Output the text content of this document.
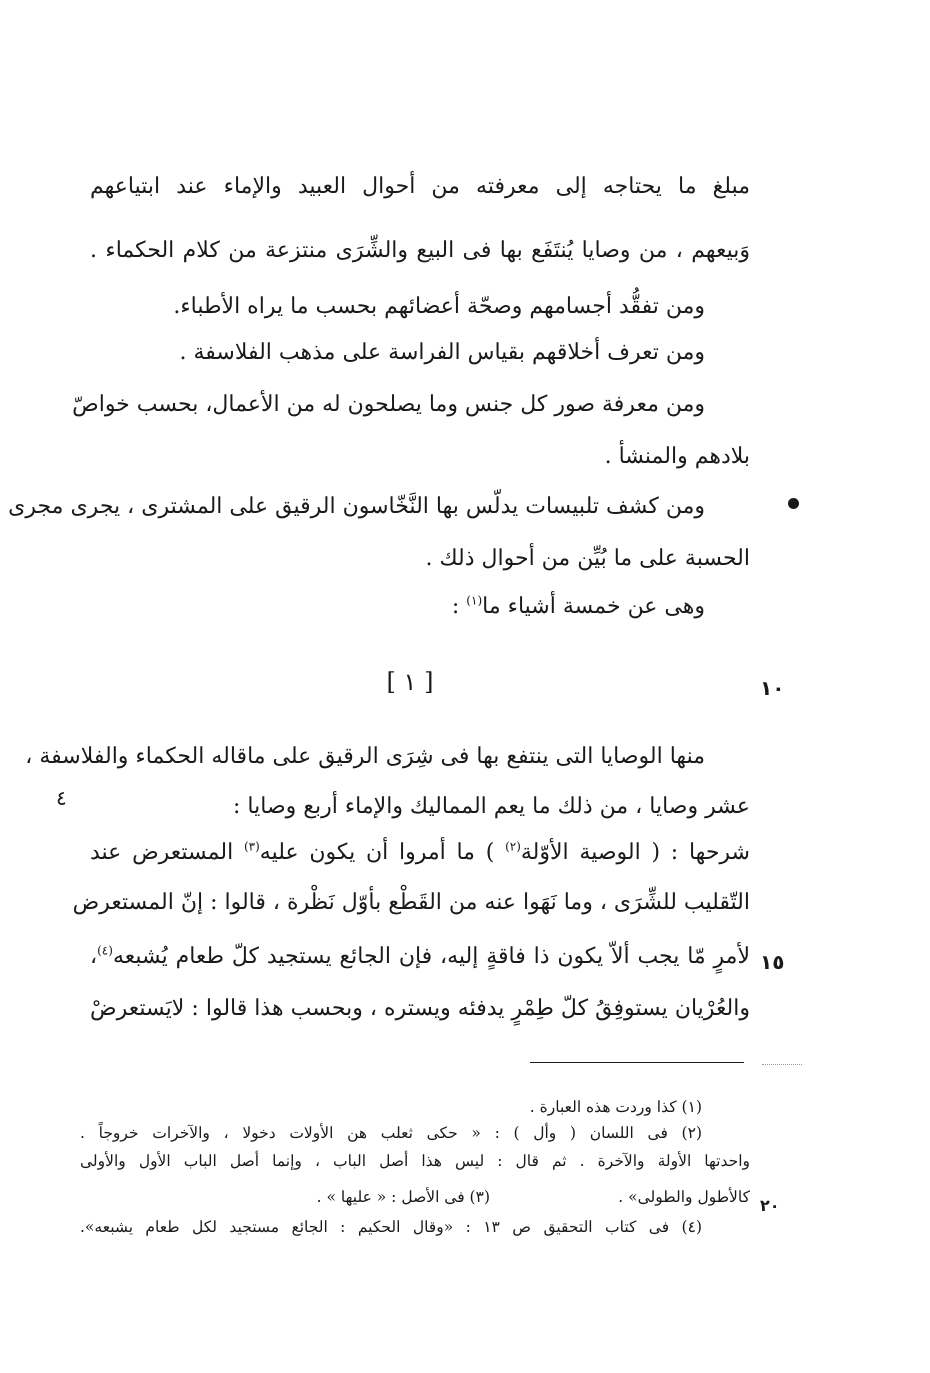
مبلغ ما يحتاجه إلى معرفته من أحوال العبيد والإماء عند ابتياعهم
وَبيعهم ، من وصايا يُنتَفَع بها فى البيع والشِّرَى منتزعة من كلام الحكماء .
ومن تفقُّد أجسامهم وصحّة أعضائهم بحسب ما يراه الأطباء.
ومن تعرف أخلاقهم بقياس الفراسة على مذهب الفلاسفة .
ومن معرفة صور كل جنس وما يصلحون له من الأعمال، بحسب خواصّ
بلادهم والمنشأ .
ومن كشف تلبيسات يدلّس بها النَّخّاسون الرقيق على المشترى ، يجرى مجرى
الحسبة على ما بُيِّن من أحوال ذلك .
وهى عن خمسة أشياء ما$^{(١)}$ :
[ ١ ]	١٠
منها الوصايا التى ينتفع بها فى شِرَى الرقيق على ماقاله الحكماء والفلاسفة ،
٤	عشر وصايا ، من ذلك ما يعم المماليك والإماء أربع وصايا :
شرحها : ( الوصية الأوّلة$^{(٢)}$ ) ما أمروا أن يكون عليه$^{(٣)}$ المستعرض عند
التّقليب للشِّرَى ، وما نَهَوا عنه من القَطْع بأوّل نَظْرة ، قالوا : إنّ المستعرض
١٥
لأمرٍ مّا يجب ألاّ يكون ذا فاقةٍ إليه، فإن الجائع يستجيد كلّ طعام يُشبعه$^{(٤)}$،
والعُرْيان يستوفِقُ كلّ طِمْرٍ يدفئه ويستره ، وبحسب هذا قالوا : لايَستعرضْ
(١) كذا وردت هذه العبارة .
(٢) فى اللسان ( وأل ) : « حكى ثعلب هن الأولات دخولا ، والآخرات خروجاً .
واحدتها الأولة والآخرة . ثم قال : ليس هذا أصل الباب ، وإنما أصل الباب الأول والأولى
٢٠
كالأطول والطولى» .
(٣) فى الأصل : « عليها » .
(٤) فى كتاب التحقيق ص ١٣ : «وقال الحكيم : الجائع مستجيد لكل طعام يشبعه».
